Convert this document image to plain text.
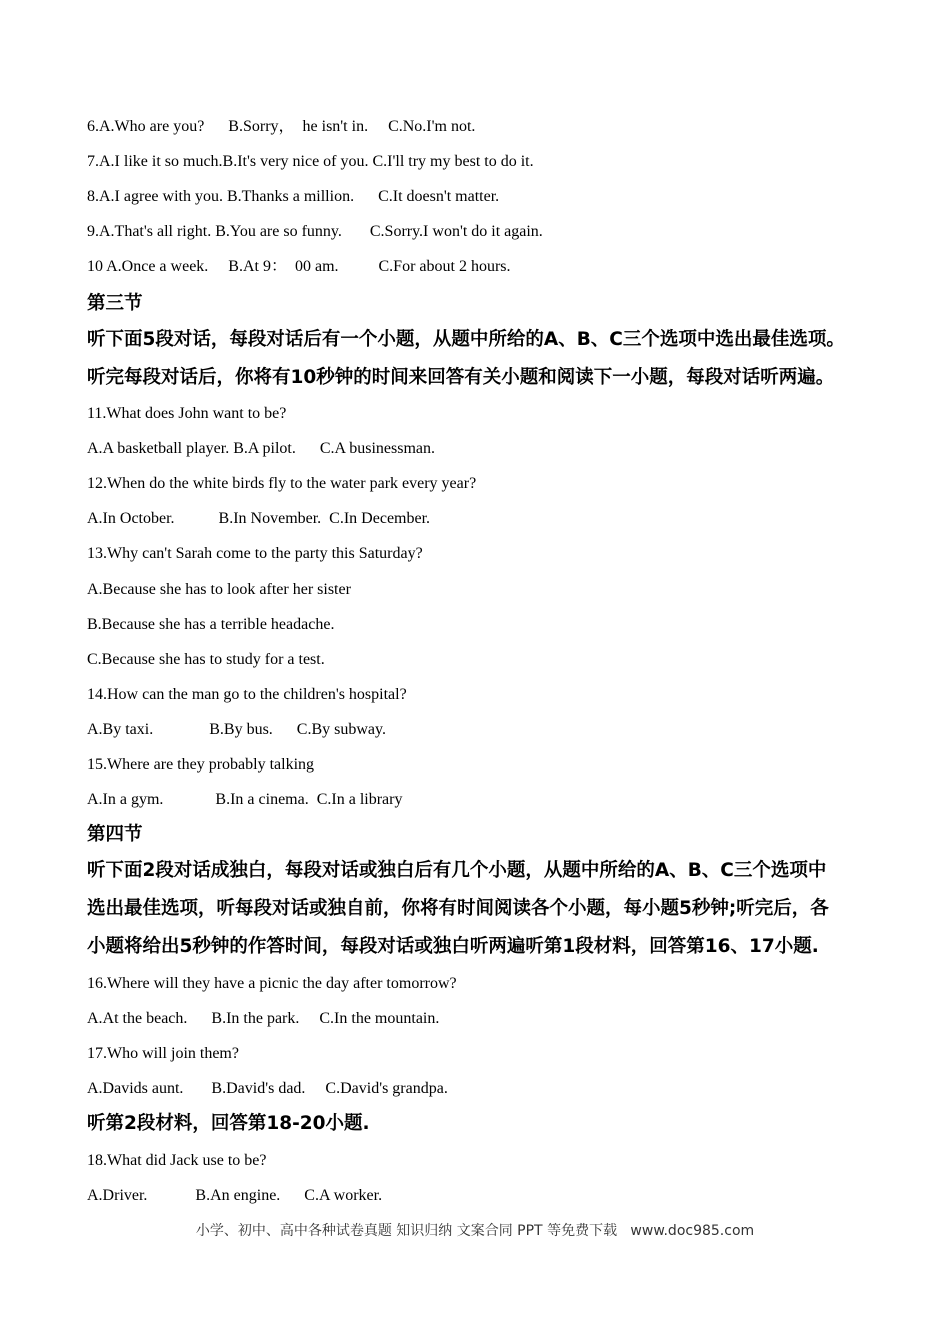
6.A.Who are you?      B.Sorry，  he isn't in.     C.No.I'm not.
7.A.I like it so much.B.It's very nice of you. C.I'll try my best to do it.
8.A.I agree with you. B.Thanks a million.      C.It doesn't matter.
9.A.That's all right. B.You are so funny.       C.Sorry.I won't do it again.
10 A.Once a week.     B.At 9：  00 am.          C.For about 2 hours.
第三节
听下面5段对话，每段对话后有一个小题，从题中所给的A、B、C三个选项中选出最佳选项。
听完每段对话后，你将有10秒钟的时间来回答有关小题和阅读下一小题，每段对话听两遍。
11.What does John want to be?
A.A basketball player. B.A pilot.      C.A businessman.
12.When do the white birds fly to the water park every year?
A.In October.           B.In November.  C.In December.
13.Why can't Sarah come to the party this Saturday?
A.Because she has to look after her sister
B.Because she has a terrible headache.
C.Because she has to study for a test.
14.How can the man go to the children's hospital?
A.By taxi.              B.By bus.      C.By subway.
15.Where are they probably talking
A.In a gym.             B.In a cinema.  C.In a library
第四节
听下面2段对话成独白，每段对话或独白后有几个小题，从题中所给的A、B、C三个选项中
选出最佳选项，听每段对话或独自前，你将有时间阅读各个小题，每小题5秒钟;听完后，各
小题将给出5秒钟的作答时间，每段对话或独白听两遍听第1段材料，回答第16、17小题.
16.Where will they have a picnic the day after tomorrow?
A.At the beach.      B.In the park.     C.In the mountain.
17.Who will join them?
A.Davids aunt.       B.David's dad.     C.David's grandpa.
听第2段材料，回答第18-20小题.
18.What did Jack use to be?
A.Driver.            B.An engine.      C.A worker.
小学、初中、高中各种试卷真题 知识归纳 文案合同 PPT 等免费下载   www.doc985.com
